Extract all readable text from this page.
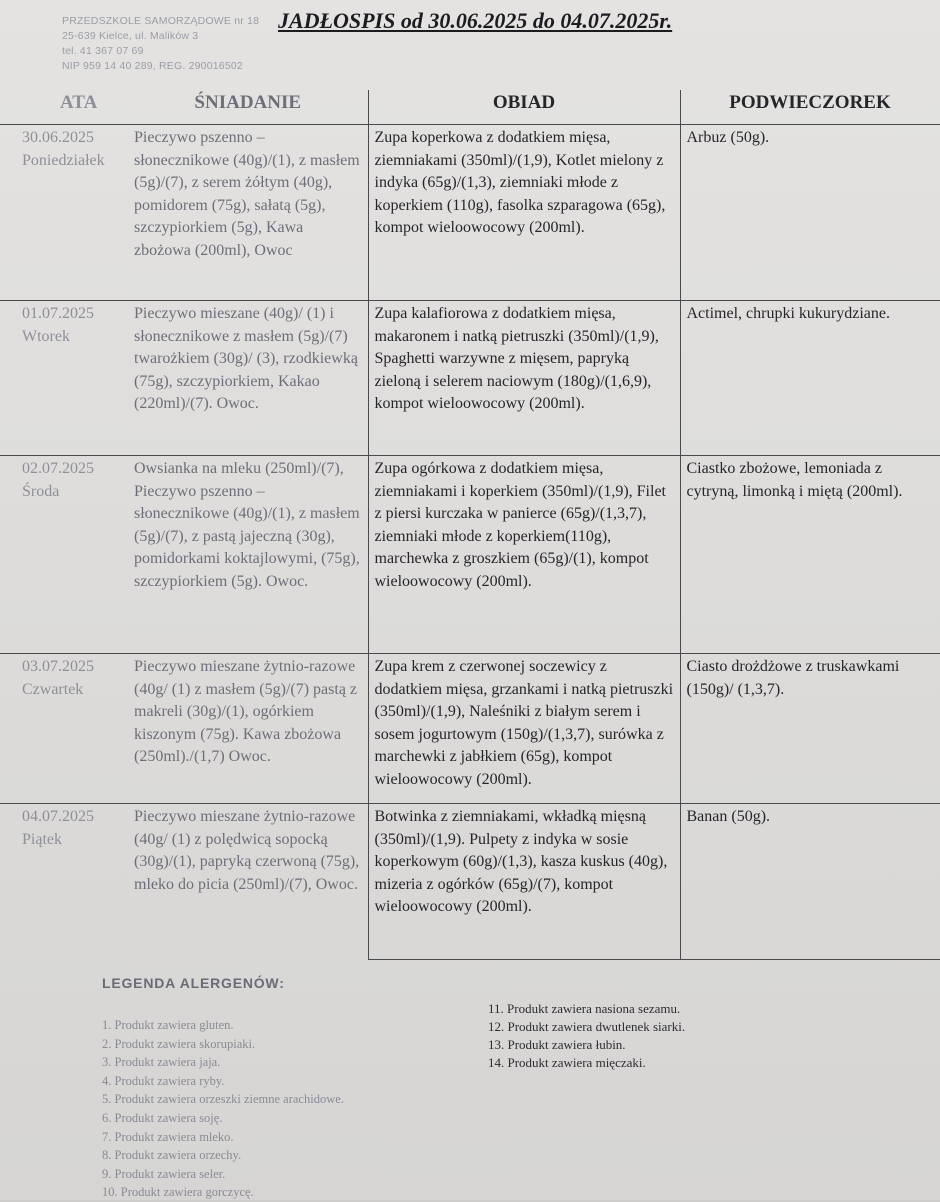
PRZEDSZKOLE SAMORZĄDOWE nr 18
25-639 Kielce, ul. Malików 3
tel. 41 367 07 69
NIP 959 14 40 289, REG. 290016502
JADŁOSPIS od 30.06.2025 do 04.07.2025r.
ATA	ŚNIADANIE	OBIAD	PODWIECZOREK

30.06.2025
Poniedziałek	Pieczywo pszenno – słonecznikowe (40g)/(1), z masłem (5g)/(7), z serem żółtym (40g), pomidorem (75g), sałatą (5g), szczypiorkiem (5g), Kawa zbożowa (200ml), Owoc	Zupa koperkowa z dodatkiem mięsa, ziemniakami (350ml)/(1,9), Kotlet mielony z indyka (65g)/(1,3), ziemniaki młode z koperkiem (110g), fasolka szparagowa (65g), kompot wieloowocowy (200ml).	Arbuz (50g).

01.07.2025
Wtorek	Pieczywo mieszane (40g)/ (1) i słonecznikowe z masłem (5g)/(7) twarożkiem (30g)/ (3), rzodkiewką (75g), szczypiorkiem, Kakao (220ml)/(7). Owoc.	Zupa kalafiorowa z dodatkiem mięsa, makaronem i natką pietruszki (350ml)/(1,9), Spaghetti warzywne z mięsem, papryką zieloną i selerem naciowym (180g)/(1,6,9), kompot wieloowocowy (200ml).	Actimel, chrupki kukurydziane.

02.07.2025
Środa	Owsianka na mleku (250ml)/(7), Pieczywo pszenno – słonecznikowe (40g)/(1), z masłem (5g)/(7), z pastą jajeczną (30g), pomidorkami koktajlowymi, (75g), szczypiorkiem (5g). Owoc.	Zupa ogórkowa z dodatkiem mięsa, ziemniakami i koperkiem (350ml)/(1,9), Filet z piersi kurczaka w panierce (65g)/(1,3,7), ziemniaki młode z koperkiem(110g), marchewka z groszkiem (65g)/(1), kompot wieloowocowy (200ml).	Ciastko zbożowe, lemoniada z cytryną, limonką i miętą (200ml).

03.07.2025
Czwartek	Pieczywo mieszane żytnio-razowe (40g/ (1) z masłem (5g)/(7) pastą z makreli (30g)/(1), ogórkiem kiszonym (75g). Kawa zbożowa (250ml)./(1,7) Owoc.	Zupa krem z czerwonej soczewicy z dodatkiem mięsa, grzankami i natką pietruszki (350ml)/(1,9), Naleśniki z białym serem i sosem jogurtowym (150g)/(1,3,7), surówka z marchewki z jabłkiem (65g), kompot wieloowocowy (200ml).	Ciasto drożdżowe z truskawkami (150g)/ (1,3,7).

04.07.2025
Piątek	Pieczywo mieszane żytnio-razowe (40g/ (1) z polędwicą sopocką (30g)/(1), papryką czerwoną (75g), mleko do picia (250ml)/(7), Owoc.	Botwinka z ziemniakami, wkładką mięsną (350ml)/(1,9). Pulpety z indyka w sosie koperkowym (60g)/(1,3), kasza kuskus (40g), mizeria z ogórków (65g)/(7), kompot wieloowocowy (200ml).	Banan (50g).
LEGENDA ALERGENÓW:
1. Produkt zawiera gluten.
2. Produkt zawiera skorupiaki.
3. Produkt zawiera jaja.
4. Produkt zawiera ryby.
5. Produkt zawiera orzeszki ziemne arachidowe.
6. Produkt zawiera soję.
7. Produkt zawiera mleko.
8. Produkt zawiera orzechy.
9. Produkt zawiera seler.
10. Produkt zawiera gorczycę.
11. Produkt zawiera nasiona sezamu.
12. Produkt zawiera dwutlenek siarki.
13. Produkt zawiera łubin.
14. Produkt zawiera mięczaki.
